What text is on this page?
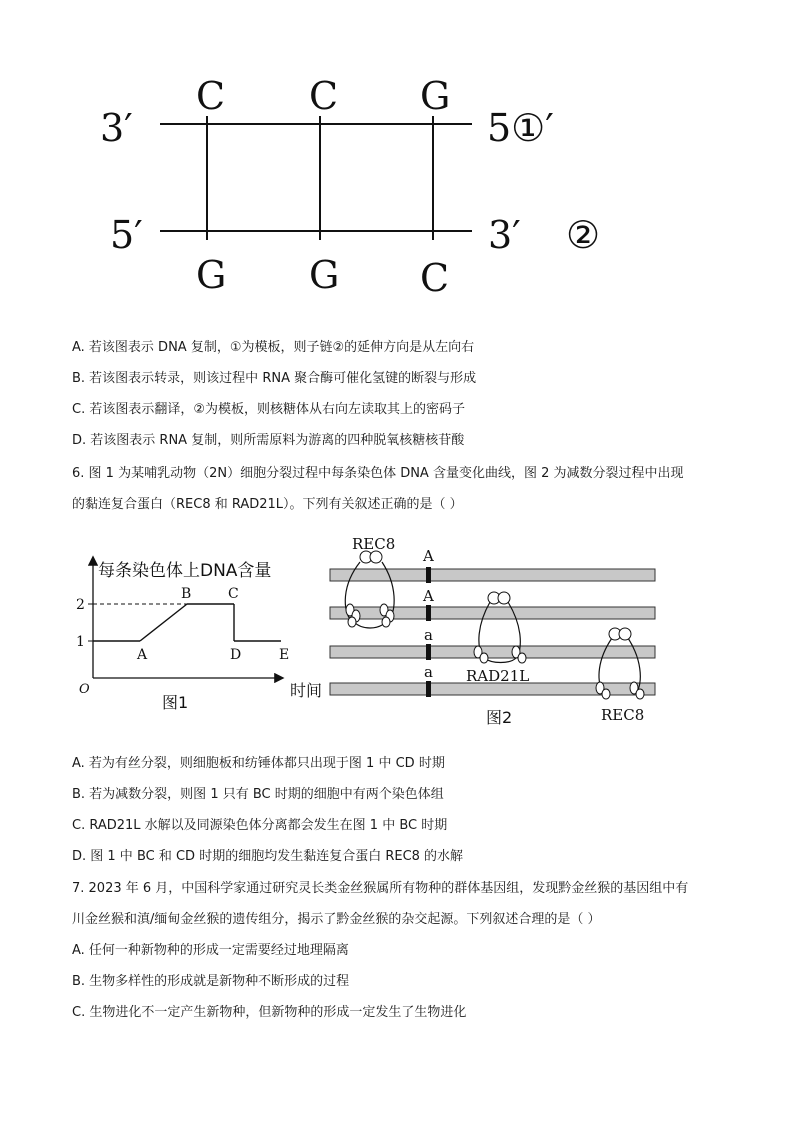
C C G
G G C
3′	5①′
5′	3′ ②
A. 若该图表示 DNA 复制，①为模板，则子链②的延伸方向是从左向右
B. 若该图表示转录，则该过程中 RNA 聚合酶可催化氢键的断裂与形成
C. 若该图表示翻译，②为模板，则核糖体从右向左读取其上的密码子
D. 若该图表示 RNA 复制，则所需原料为游离的四种脱氧核糖核苷酸
6. 图 1 为某哺乳动物（2N）细胞分裂过程中每条染色体 DNA 含量变化曲线，图 2 为减数分裂过程中出现
的黏连复合蛋白（REC8 和 RAD21L）。下列有关叙述正确的是（ ）
每条染色体上DNA含量
时间
O
图1
1
2
A
B	C
D	E
A
A
a
a
REC8
RAD21L
REC8
图2
A. 若为有丝分裂，则细胞板和纺锤体都只出现于图 1 中 CD 时期
B. 若为减数分裂，则图 1 只有 BC 时期的细胞中有两个染色体组
C. RAD21L 水解以及同源染色体分离都会发生在图 1 中 BC 时期
D. 图 1 中 BC 和 CD 时期的细胞均发生黏连复合蛋白 REC8 的水解
7. 2023 年 6 月，中国科学家通过研究灵长类金丝猴属所有物种的群体基因组，发现黔金丝猴的基因组中有
川金丝猴和滇/缅甸金丝猴的遗传组分，揭示了黔金丝猴的杂交起源。下列叙述合理的是（ ）
A. 任何一种新物种的形成一定需要经过地理隔离
B. 生物多样性的形成就是新物种不断形成的过程
C. 生物进化不一定产生新物种，但新物种的形成一定发生了生物进化
